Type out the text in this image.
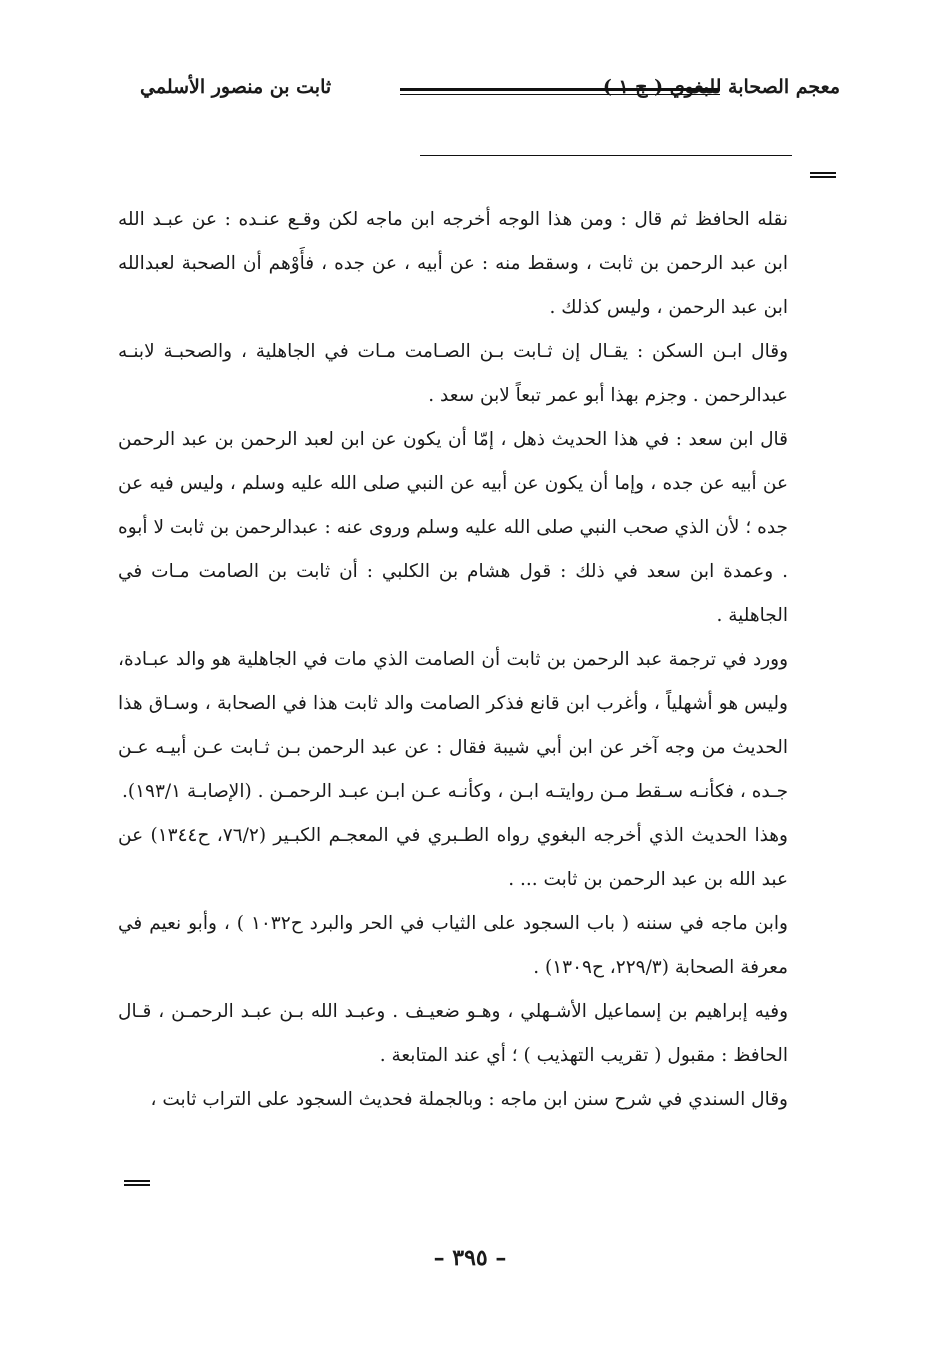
معجم الصحابة للبغوي ( ج ١ )
ثابت بن منصور الأسلمي

نقله الحافظ ثم قال : ومن هذا الوجه أخرجه ابن ماجه لكن وقـع عنـده : عن عبـد الله ابن عبد الرحمن بن ثابت ، وسقط منه : عن أبيه ، عن جده ، فأَوْهم أن الصحبة لعبدالله ابن عبد الرحمن ، وليس كذلك .

وقال ابـن السكن : يقـال إن ثـابت بـن الصـامت مـات في الجاهلية ، والصحبـة لابنـه عبدالرحمن . وجزم بهذا أبو عمر تبعاً لابن سعد .

قال ابن سعد : في هذا الحديث ذهل ، إمّا أن يكون عن ابن لعبد الرحمن بن عبد الرحمن عن أبيه عن جده ، وإما أن يكون عن أبيه عن النبي صلى الله عليه وسلم ، وليس فيه عن جده ؛ لأن الذي صحب النبي صلى الله عليه وسلم وروى عنه : عبدالرحمن بن ثابت لا أبوه . وعمدة ابن سعد في ذلك : قول هشام بن الكلبي : أن ثابت بن الصامت مـات في الجاهلية .

وورد في ترجمة عبد الرحمن بن ثابت أن الصامت الذي مات في الجاهلية هو والد عبـادة، وليس هو أشهلياً ، وأغرب ابن قانع فذكر الصامت والد ثابت هذا في الصحابة ، وسـاق هذا الحديث من وجه آخر عن ابن أبي شيبة فقال : عن عبد الرحمن بـن ثـابت عـن أبيـه عـن جـده ، فكأنـه سـقط مـن روايتـه ابـن ، وكأنـه عـن ابـن عبـد الرحمـن . (الإصابـة ١٩٣/١).

وهذا الحديث الذي أخرجه البغوي رواه الطـبري في المعجـم الكبـير (٧٦/٢، ح١٣٤٤) عن عبد الله بن عبد الرحمن بن ثابت ... .

وابن ماجه في سننه ( باب السجود على الثياب في الحر والبرد ح١٠٣٢ ) ، وأبو نعيم في معرفة الصحابة (٢٢٩/٣، ح١٣٠٩) .

وفيه إبراهيم بن إسماعيل الأشـهلي ، وهـو ضعيـف . وعبـد الله بـن عبـد الرحمـن ، قـال الحافظ : مقبول ( تقريب التهذيب ) ؛ أي عند المتابعة .

وقال السندي في شرح سنن ابن ماجه : وبالجملة فحديث السجود على التراب ثابت ،

– ٣٩٥ –
